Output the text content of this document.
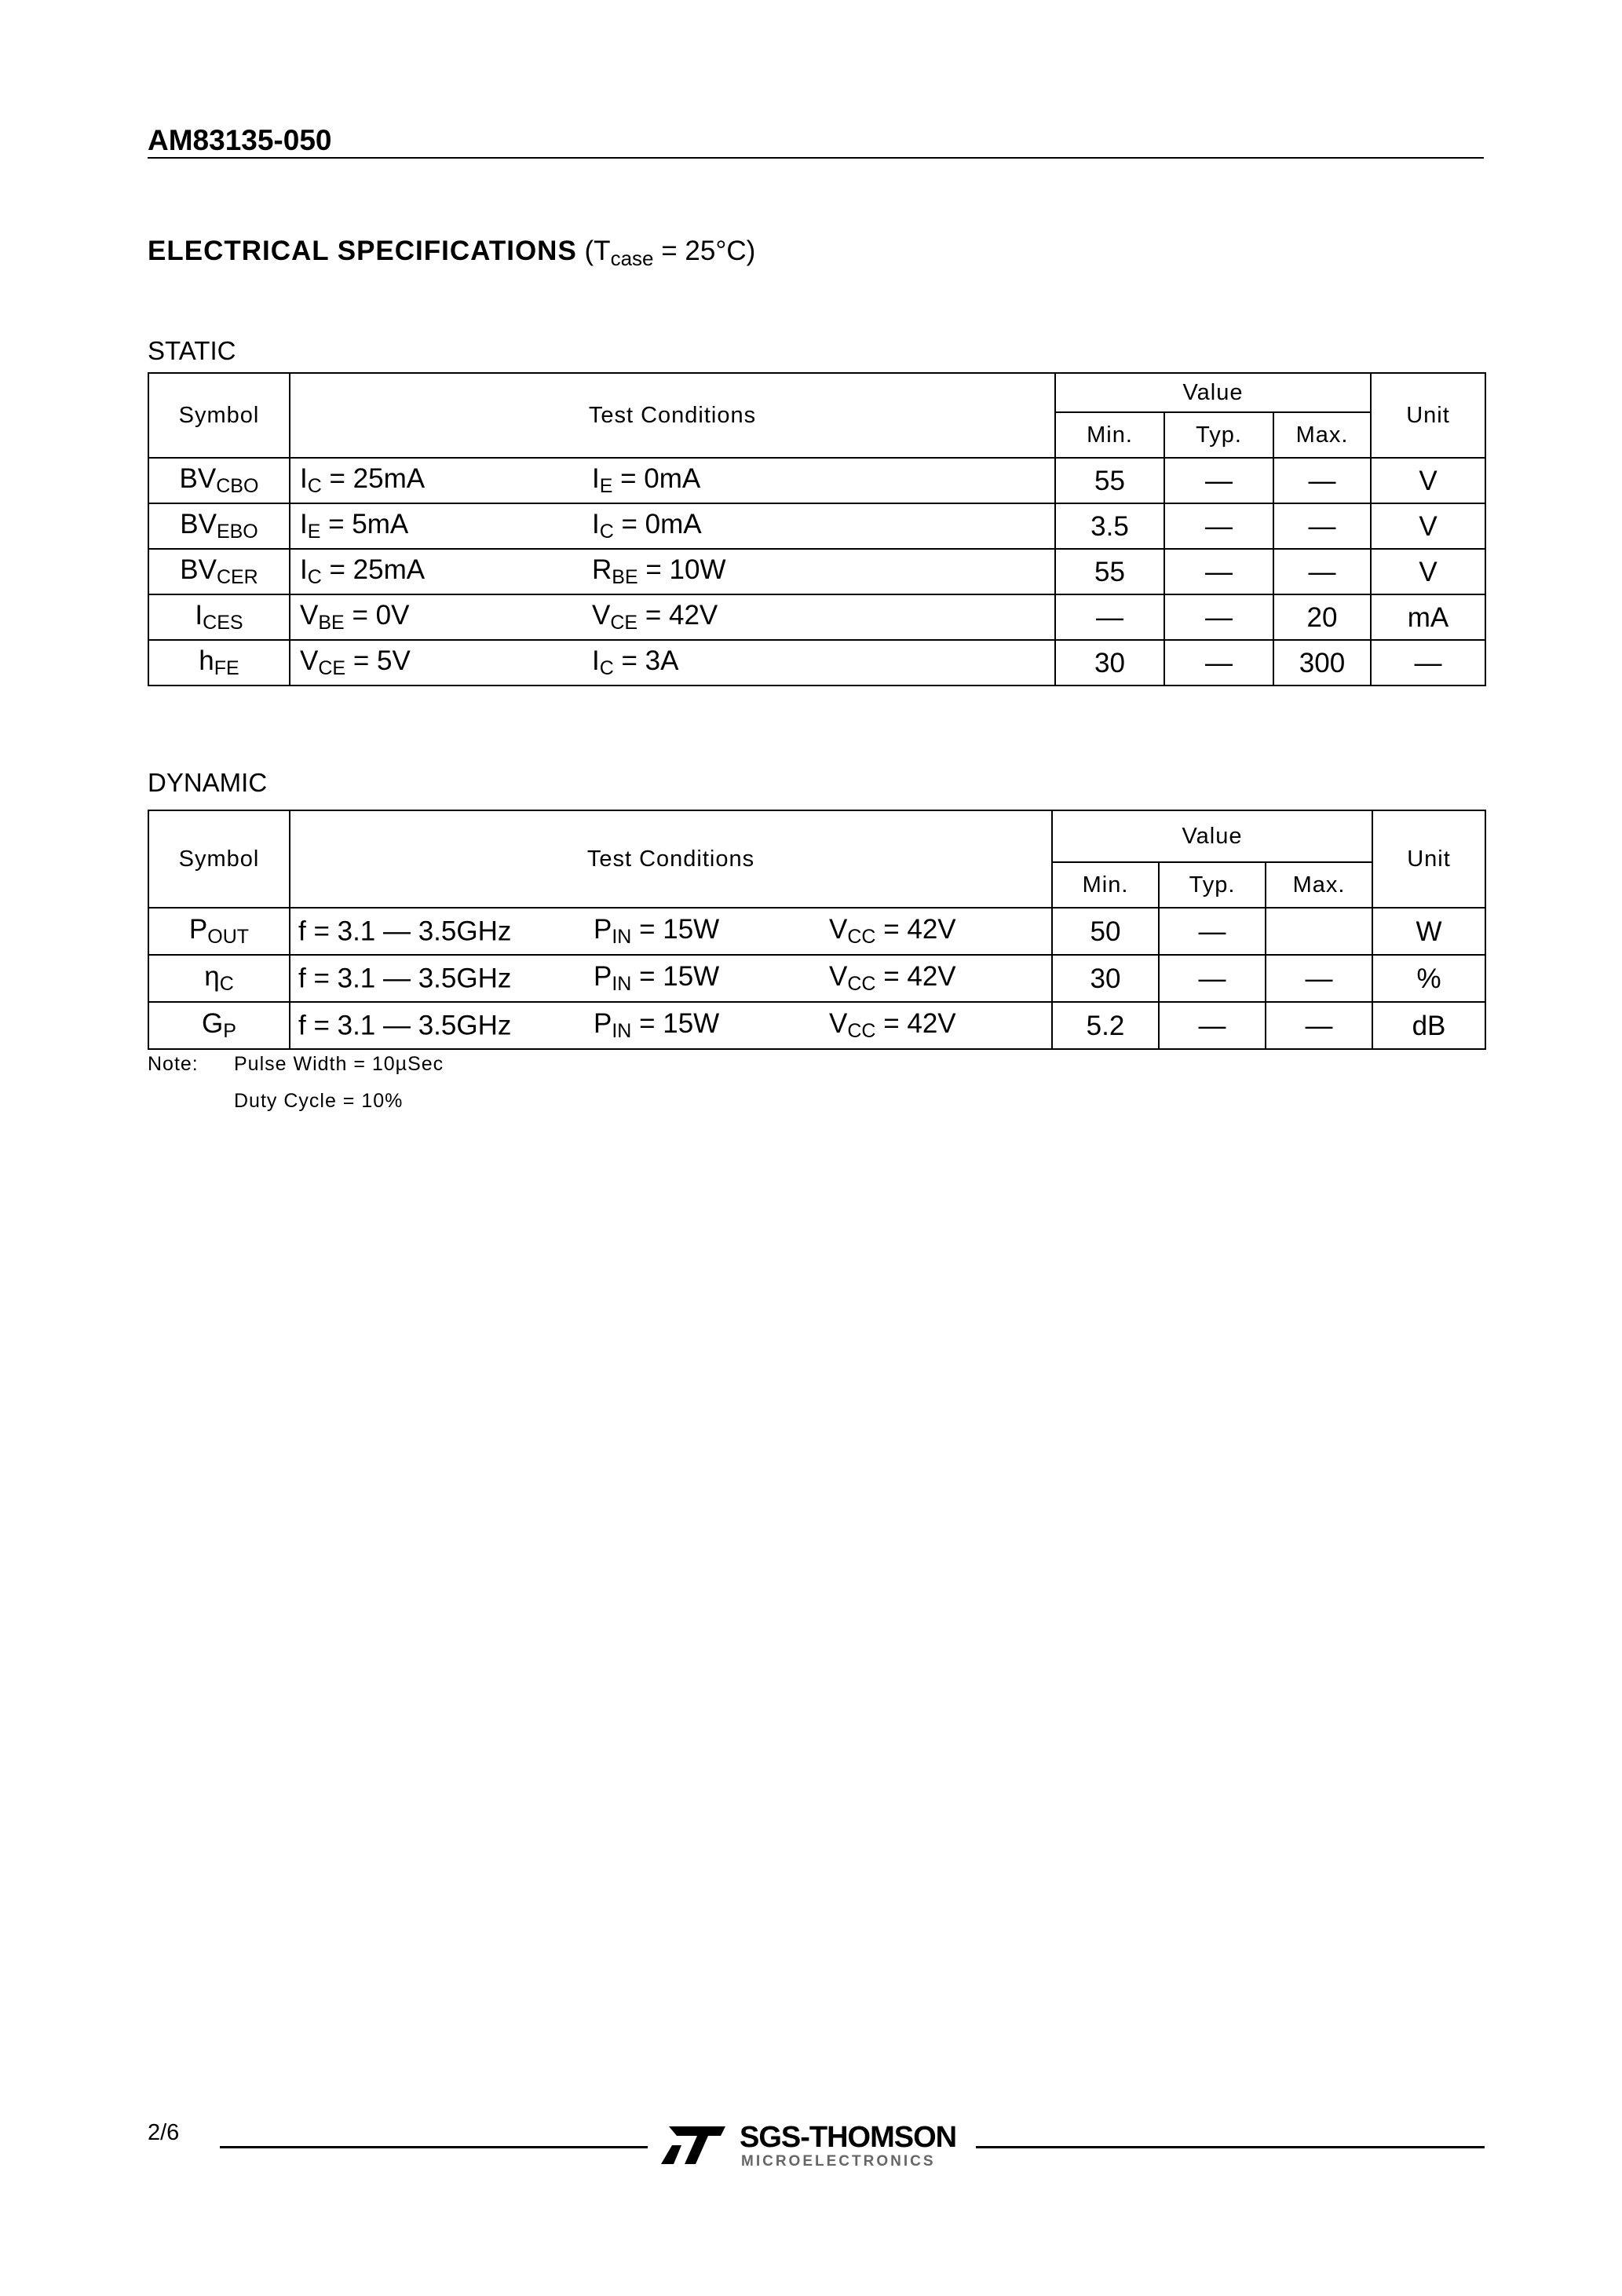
AM83135-050
ELECTRICAL SPECIFICATIONS $(T_{case} = 25^\circ C)$
STATIC
Symbol	Test Conditions	Value			Unit
		Min.	Typ.	Max.	
$BV_{CBO}$	$I_C = 25mA$ $I_E = 0mA$	55	—	—	V
$BV_{EBO}$	$I_E = 5mA$ $I_C = 0mA$	3.5	—	—	V
$BV_{CER}$	$I_C = 25mA$ $R_{BE} = 10W$	55	—	—	V
$I_{CES}$	$V_{BE} = 0V$ $V_{CE} = 42V$	—	—	20	mA
$h_{FE}$	$V_{CE} = 5V$ $I_C = 3A$	30	—	300	—
DYNAMIC
Symbol	Test Conditions	Value			Unit
		Min.	Typ.	Max.	
$P_{OUT}$	f = 3.1 — 3.5GHz $P_{IN} = 15W$ $V_{CC} = 42V$	50	—		W
$\eta_C$	f = 3.1 — 3.5GHz $P_{IN} = 15W$ $V_{CC} = 42V$	30	—	—	%
$G_P$	f = 3.1 — 3.5GHz $P_{IN} = 15W$ $V_{CC} = 42V$	5.2	—	—	dB
Note: Pulse Width = 10µSec
Duty Cycle = 10%
2/6	SGS-THOMSON
MICROELECTRONICS
